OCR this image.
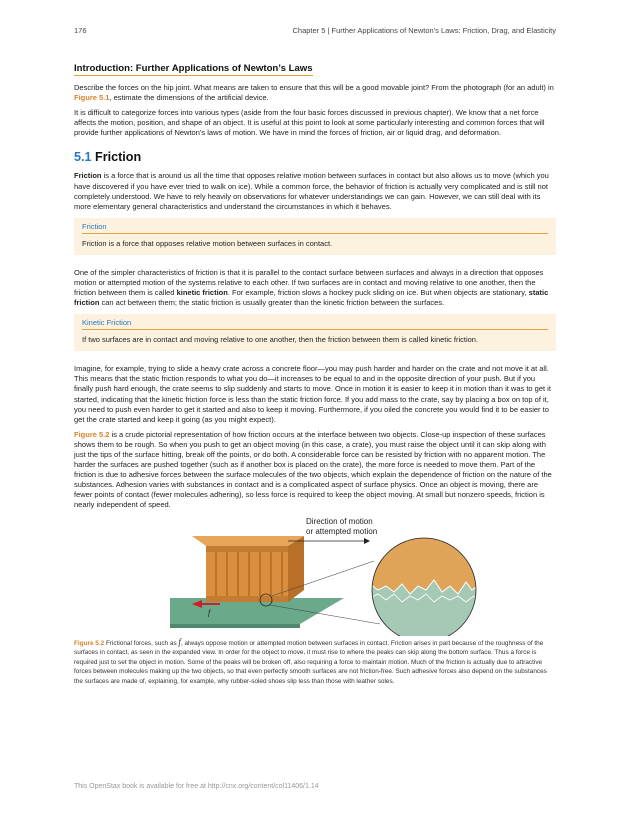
176	Chapter 5 | Further Applications of Newton's Laws: Friction, Drag, and Elasticity
Introduction: Further Applications of Newton’s Laws

Describe the forces on the hip joint. What means are taken to ensure that this will be a good movable joint? From the photograph (for an adult) in Figure 5.1, estimate the dimensions of the artificial device.

It is difficult to categorize forces into various types (aside from the four basic forces discussed in previous chapter). We know that a net force affects the motion, position, and shape of an object. It is useful at this point to look at some particularly interesting and common forces that will provide further applications of Newton’s laws of motion. We have in mind the forces of friction, air or liquid drag, and deformation.

5.1 Friction

Friction is a force that is around us all the time that opposes relative motion between surfaces in contact but also allows us to move (which you have discovered if you have ever tried to walk on ice). While a common force, the behavior of friction is actually very complicated and is still not completely understood. We have to rely heavily on observations for whatever understandings we can gain. However, we can still deal with its more elementary general characteristics and understand the circumstances in which it behaves.

Friction
Friction is a force that opposes relative motion between surfaces in contact.

One of the simpler characteristics of friction is that it is parallel to the contact surface between surfaces and always in a direction that opposes motion or attempted motion of the systems relative to each other. If two surfaces are in contact and moving relative to one another, then the friction between them is called kinetic friction. For example, friction slows a hockey puck sliding on ice. But when objects are stationary, static friction can act between them; the static friction is usually greater than the kinetic friction between the surfaces.

Kinetic Friction
If two surfaces are in contact and moving relative to one another, then the friction between them is called kinetic friction.

Imagine, for example, trying to slide a heavy crate across a concrete floor—you may push harder and harder on the crate and not move it at all. This means that the static friction responds to what you do—it increases to be equal to and in the opposite direction of your push. But if you finally push hard enough, the crate seems to slip suddenly and starts to move. Once in motion it is easier to keep it in motion than it was to get it started, indicating that the kinetic friction force is less than the static friction force. If you add mass to the crate, say by placing a box on top of it, you need to push even harder to get it started and also to keep it moving. Furthermore, if you oiled the concrete you would find it to be easier to get the crate started and keep it going (as you might expect).

Figure 5.2 is a crude pictorial representation of how friction occurs at the interface between two objects. Close-up inspection of these surfaces shows them to be rough. So when you push to get an object moving (in this case, a crate), you must raise the object until it can skip along with just the tips of the surface hitting, break off the points, or do both. A considerable force can be resisted by friction with no apparent motion. The harder the surfaces are pushed together (such as if another box is placed on the crate), the more force is needed to move them. Part of the friction is due to adhesive forces between the surface molecules of the two objects, which explain the dependence of friction on the nature of the substances. Adhesion varies with substances in contact and is a complicated aspect of surface physics. Once an object is moving, there are fewer points of contact (fewer molecules adhering), so less force is required to keep the object moving. At small but nonzero speeds, friction is nearly independent of speed.

f
Direction of motion
or attempted motion
Figure 5.2 Frictional forces, such as f, always oppose motion or attempted motion between surfaces in contact. Friction arises in part because of the roughness of the surfaces in contact, as seen in the expanded view. In order for the object to move, it must rise to where the peaks can skip along the bottom surface. Thus a force is required just to set the object in motion. Some of the peaks will be broken off, also requiring a force to maintain motion. Much of the friction is actually due to attractive forces between molecules making up the two objects, so that even perfectly smooth surfaces are not friction-free. Such adhesive forces also depend on the substances the surfaces are made of, explaining, for example, why rubber-soled shoes slip less than those with leather soles.
This OpenStax book is available for free at http://cnx.org/content/col11406/1.14
